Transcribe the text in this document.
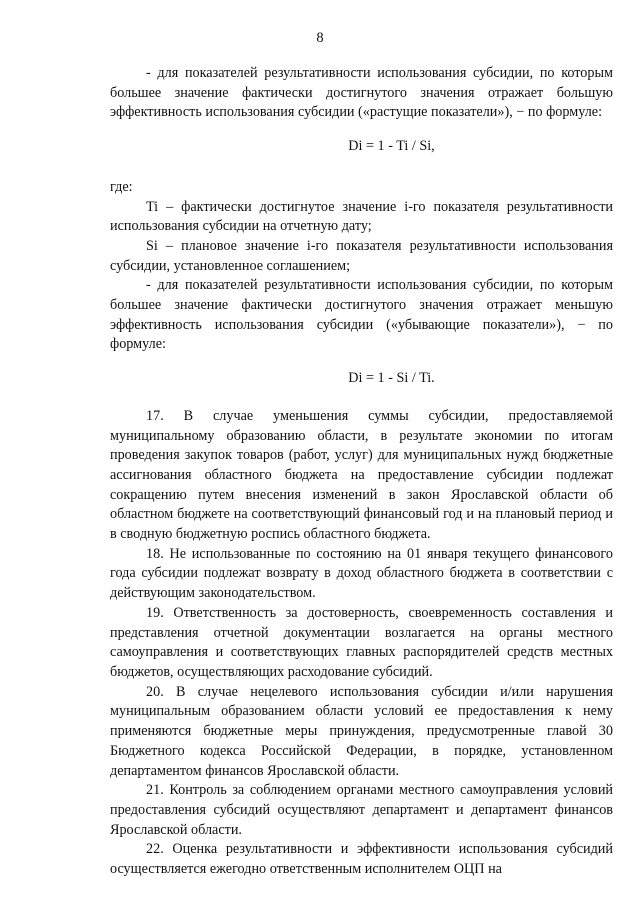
8

- для показателей результативности использования субсидии, по которым большее значение фактически достигнутого значения отражает большую эффективность использования субсидии («растущие показатели»), − по формуле:

Di = 1 - Ti / Si,

где:

Ti – фактически достигнутое значение i-го показателя результативности использования субсидии на отчетную дату;

Si – плановое значение i-го показателя результативности использования субсидии, установленное соглашением;

- для показателей результативности использования субсидии, по которым большее значение фактически достигнутого значения отражает меньшую эффективность использования субсидии («убывающие показатели»), − по формуле:

Di = 1 - Si / Ti.

17. В случае уменьшения суммы субсидии, предоставляемой муниципальному образованию области, в результате экономии по итогам проведения закупок товаров (работ, услуг) для муниципальных нужд бюджетные ассигнования областного бюджета на предоставление субсидии подлежат сокращению путем внесения изменений в закон Ярославской области об областном бюджете на соответствующий финансовый год и на плановый период и в сводную бюджетную роспись областного бюджета.

18. Не использованные по состоянию на 01 января текущего финансового года субсидии подлежат возврату в доход областного бюджета в соответствии с действующим законодательством.

19. Ответственность за достоверность, своевременность составления и представления отчетной документации возлагается на органы местного самоуправления и соответствующих главных распорядителей средств местных бюджетов, осуществляющих расходование субсидий.

20. В случае нецелевого использования субсидии и/или нарушения муниципальным образованием области условий ее предоставления к нему применяются бюджетные меры принуждения, предусмотренные главой 30 Бюджетного кодекса Российской Федерации, в порядке, установленном департаментом финансов Ярославской области.

21. Контроль за соблюдением органами местного самоуправления условий предоставления субсидий осуществляют департамент и департамент финансов Ярославской области.

22. Оценка результативности и эффективности использования субсидий осуществляется ежегодно ответственным исполнителем ОЦП на
